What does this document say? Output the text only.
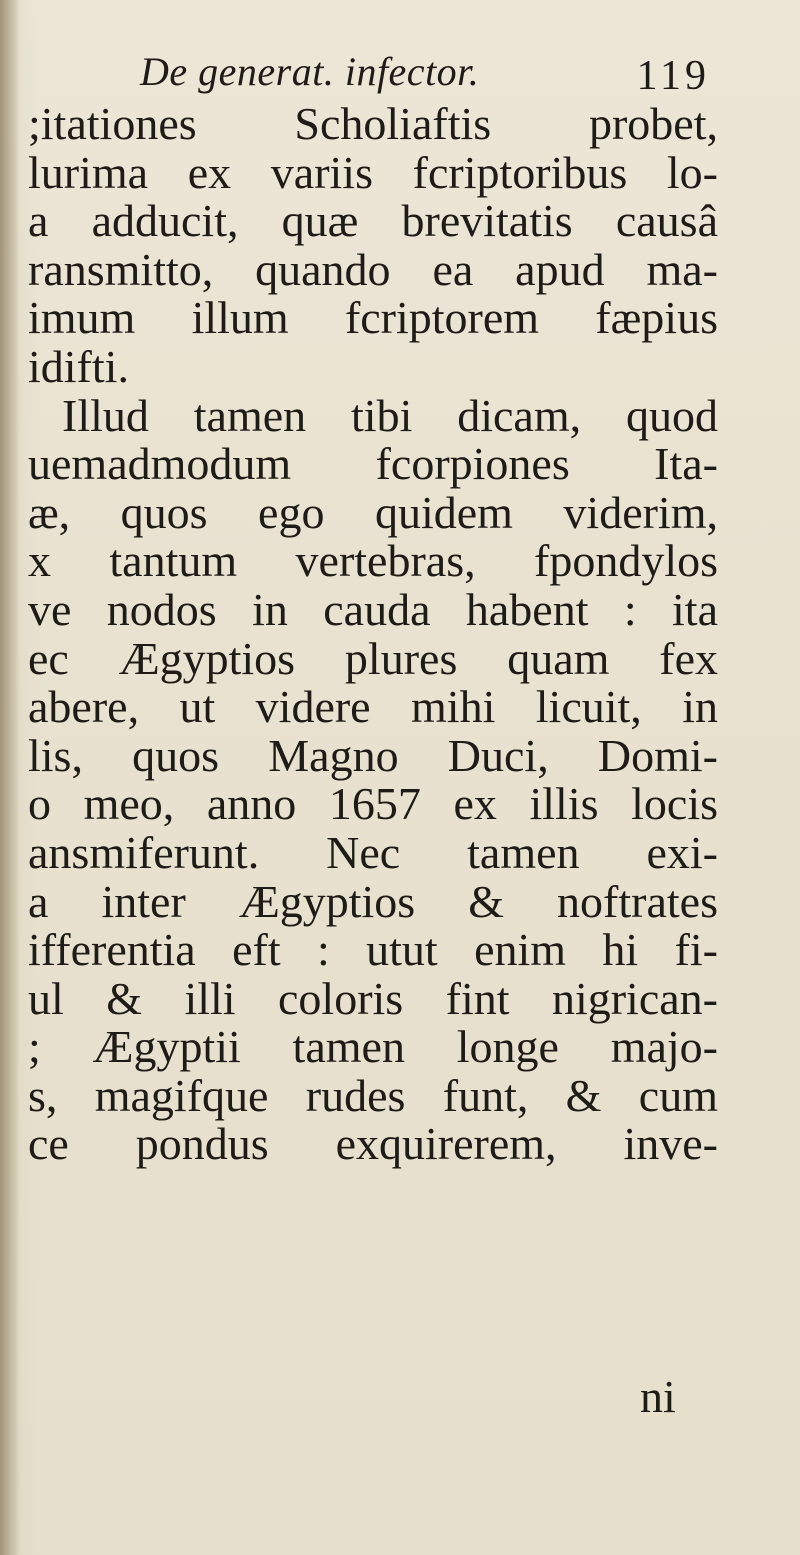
De generat. infector.	119
;itationes Scholiaftis probet,
lurima ex variis fcriptoribus lo-
a adducit, quæ brevitatis causâ
ransmitto, quando ea apud ma-
imum illum fcriptorem fæpius
idifti.
Illud tamen tibi dicam, quod
uemadmodum fcorpiones Ita-
æ, quos ego quidem viderim,
x tantum vertebras, fpondylos
ve nodos in cauda habent : ita
ec Ægyptios plures quam fex
abere, ut videre mihi licuit, in
lis, quos Magno Duci, Domi-
o meo, anno 1657 ex illis locis
ansmiferunt. Nec tamen exi-
a inter Ægyptios & noftrates
ifferentia eft : utut enim hi fi-
ul & illi coloris fint nigrican-
; Ægyptii tamen longe majo-
s, magifque rudes funt, & cum
ce pondus exquirerem, inve-
ni
